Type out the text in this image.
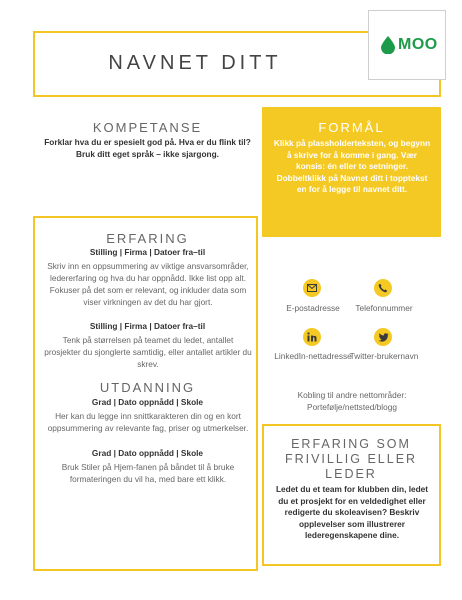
NAVNET DITT
MOO
KOMPETANSE
Forklar hva du er spesielt god på. Hva er du flink til? Bruk ditt eget språk – ikke sjargong.
FORMÅL
Klikk på plassholderteksten, og begynn å skrive for å komme i gang. Vær konsis: én eller to setninger.
Dobbeltklikk på Navnet ditt i topptekst en for å legge til navnet ditt.
ERFARING
Stilling | Firma | Datoer fra–til
Skriv inn en oppsummering av viktige ansvarsområder, ledererfaring og hva du har oppnådd. Ikke list opp alt. Fokuser på det som er relevant, og inkluder data som viser virkningen av det du har gjort.
Stilling | Firma | Datoer fra–til
Tenk på størrelsen på teamet du ledet, antallet prosjekter du sjonglerte samtidig, eller antallet artikler du skrev.
UTDANNING
Grad | Dato oppnådd | Skole
Her kan du legge inn snittkarakteren din og en kort oppsummering av relevante fag, priser og utmerkelser.
Grad | Dato oppnådd | Skole
Bruk Stiler på Hjem-fanen på båndet til å bruke formateringen du vil ha, med bare ett klikk.
E-postadresse	Telefonnummer
LinkedIn-nettadresse
Twitter-brukernavn
Kobling til andre nettområder: Portefølje/nettsted/blogg
ERFARING SOM FRIVILLIG ELLER LEDER
Ledet du et team for klubben din, ledet du et prosjekt for en veldedighet eller redigerte du skoleavisen? Beskriv opplevelser som illustrerer lederegenskapene dine.
